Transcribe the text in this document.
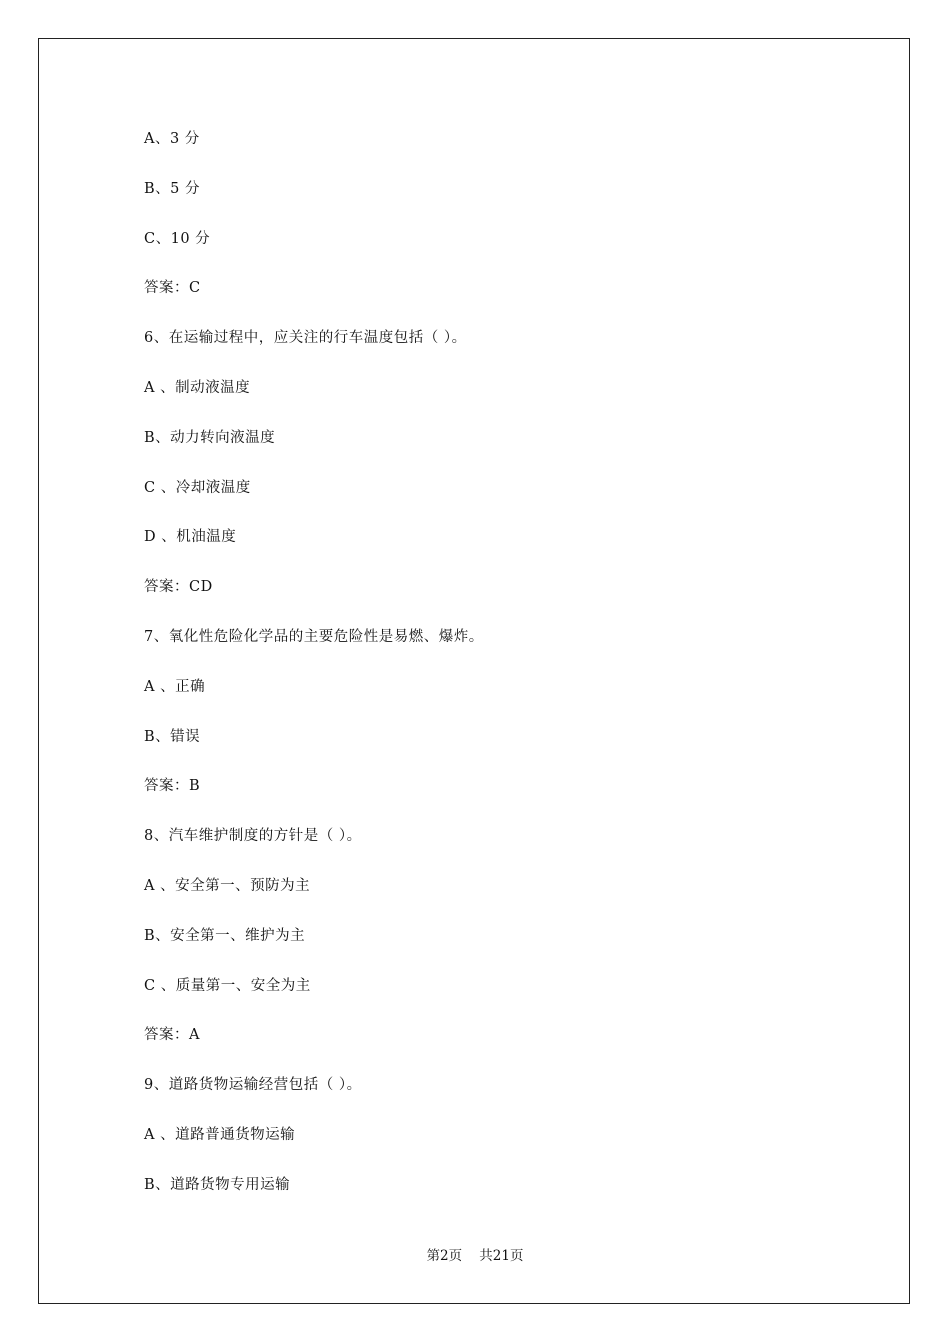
A、3 分
B、5 分
C、10 分
答案：C
6、在运输过程中，应关注的行车温度包括（ ）。
A 、制动液温度
B、动力转向液温度
C 、冷却液温度
D 、机油温度
答案：CD
7、氧化性危险化学品的主要危险性是易燃、爆炸。
A 、正确
B、错误
答案：B
8、汽车维护制度的方针是（ ）。
A 、安全第一、预防为主
B、安全第一、维护为主
C 、质量第一、安全为主
答案：A
9、道路货物运输经营包括（ ）。
A 、道路普通货物运输
B、道路货物专用运输
第2页    共21页
